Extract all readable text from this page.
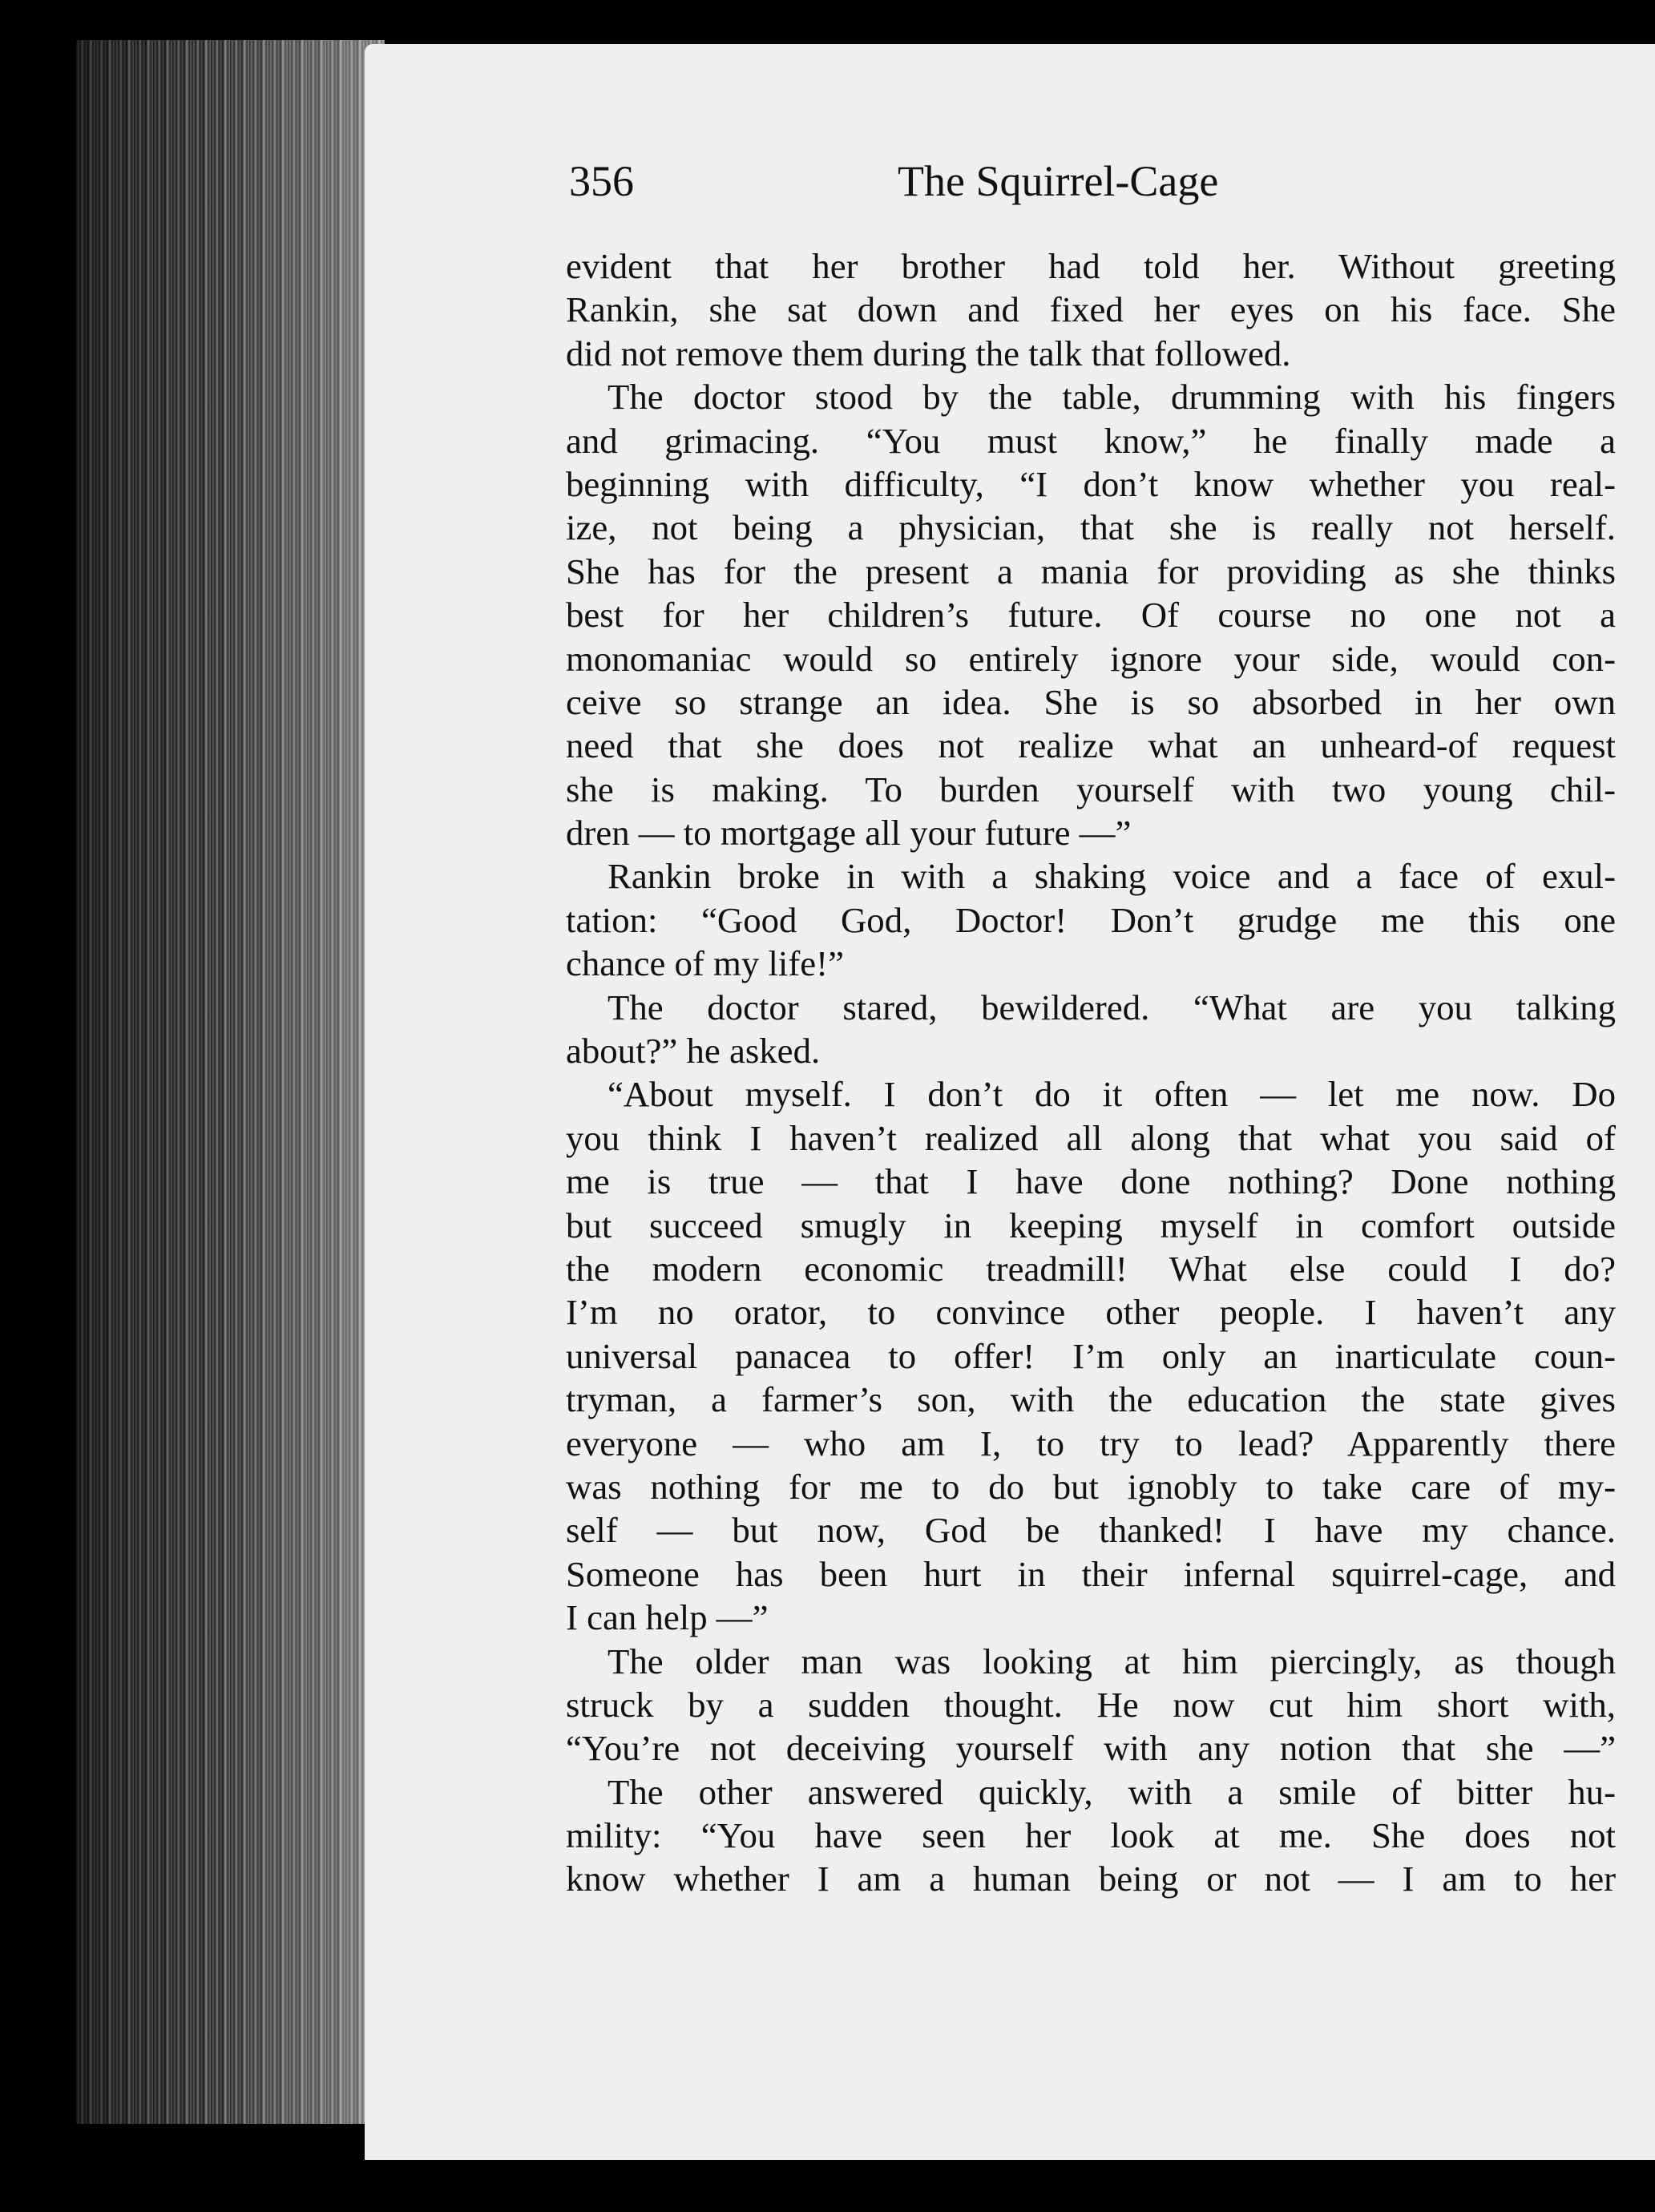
356	The Squirrel-Cage
evident that her brother had told her. Without greeting
Rankin, she sat down and fixed her eyes on his face. She
did not remove them during the talk that followed.
The doctor stood by the table, drumming with his fingers
and grimacing. “You must know,” he finally made a
beginning with difficulty, “I don’t know whether you real-
ize, not being a physician, that she is really not herself.
She has for the present a mania for providing as she thinks
best for her children’s future. Of course no one not a
monomaniac would so entirely ignore your side, would con-
ceive so strange an idea. She is so absorbed in her own
need that she does not realize what an unheard-of request
she is making. To burden yourself with two young chil-
dren — to mortgage all your future —”
Rankin broke in with a shaking voice and a face of exul-
tation: “Good God, Doctor! Don’t grudge me this one
chance of my life!”
The doctor stared, bewildered. “What are you talking
about?” he asked.
“About myself. I don’t do it often — let me now. Do
you think I haven’t realized all along that what you said of
me is true — that I have done nothing? Done nothing
but succeed smugly in keeping myself in comfort outside
the modern economic treadmill! What else could I do?
I’m no orator, to convince other people. I haven’t any
universal panacea to offer! I’m only an inarticulate coun-
tryman, a farmer’s son, with the education the state gives
everyone — who am I, to try to lead? Apparently there
was nothing for me to do but ignobly to take care of my-
self — but now, God be thanked! I have my chance.
Someone has been hurt in their infernal squirrel-cage, and
I can help —”
The older man was looking at him piercingly, as though
struck by a sudden thought. He now cut him short with,
“You’re not deceiving yourself with any notion that she —”
The other answered quickly, with a smile of bitter hu-
mility: “You have seen her look at me. She does not
know whether I am a human being or not — I am to her
